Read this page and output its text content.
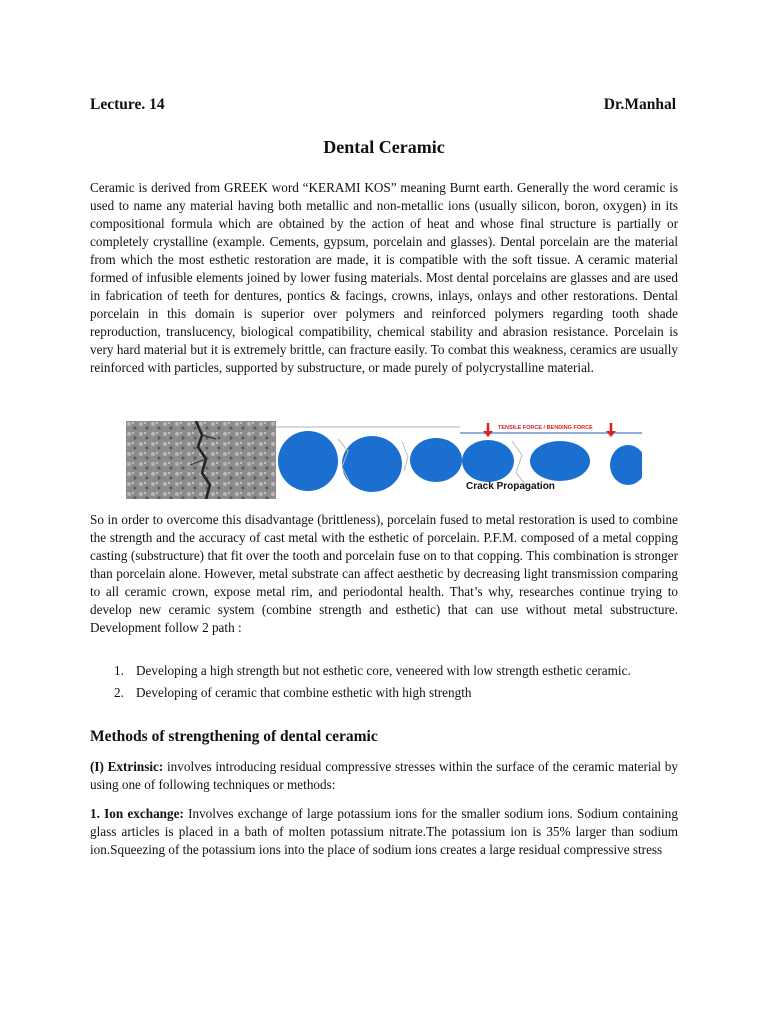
Lecture. 14	Dr.Manhal
Dental Ceramic
Ceramic is derived from GREEK word “KERAMI KOS” meaning Burnt earth. Generally the word ceramic is used to name any material having both metallic and non-metallic ions (usually silicon, boron, oxygen) in its compositional formula which are obtained by the action of heat and whose final structure is partially or completely crystalline (example. Cements, gypsum, porcelain and glasses). Dental porcelain are the material from which the most esthetic restoration are made, it is compatible with the soft tissue. A ceramic material formed of infusible elements joined by lower fusing materials. Most dental porcelains are glasses and are used in fabrication of teeth for dentures, pontics & facings, crowns, inlays, onlays and other restorations. Dental porcelain in this domain is superior over polymers and reinforced polymers regarding tooth shade reproduction, translucency, biological compatibility, chemical stability and abrasion resistance. Porcelain is very hard material but it is extremely brittle, can fracture easily. To combat this weakness, ceramics are usually reinforced with particles, supported by substructure, or made purely of polycrystalline material.
TENSILE FORCE / BENDING FORCE
Crack Propagation
So in order to overcome this disadvantage (brittleness), porcelain fused to metal restoration is used to combine the strength and the accuracy of cast metal with the esthetic of porcelain. P.F.M. composed of a metal copping casting (substructure) that fit over the tooth and porcelain fuse on to that copping. This combination is stronger than porcelain alone. However, metal substrate can affect aesthetic by decreasing light transmission comparing to all ceramic crown, expose metal rim, and periodontal health. That’s why, researches continue trying to develop new ceramic system (combine strength and esthetic) that can use without metal substructure. Development follow 2 path :
1. Developing a high strength but not esthetic core, veneered with low strength esthetic ceramic.
2. Developing of ceramic that combine esthetic with high strength
Methods of strengthening of dental ceramic
(I) Extrinsic: involves introducing residual compressive stresses within the surface of the ceramic material by using one of following techniques or methods:
1. Ion exchange: Involves exchange of large potassium ions for the smaller sodium ions. Sodium containing glass articles is placed in a bath of molten potassium nitrate.The potassium ion is 35% larger than sodium ion.Squeezing of the potassium ions into the place of sodium ions creates a large residual compressive stress
